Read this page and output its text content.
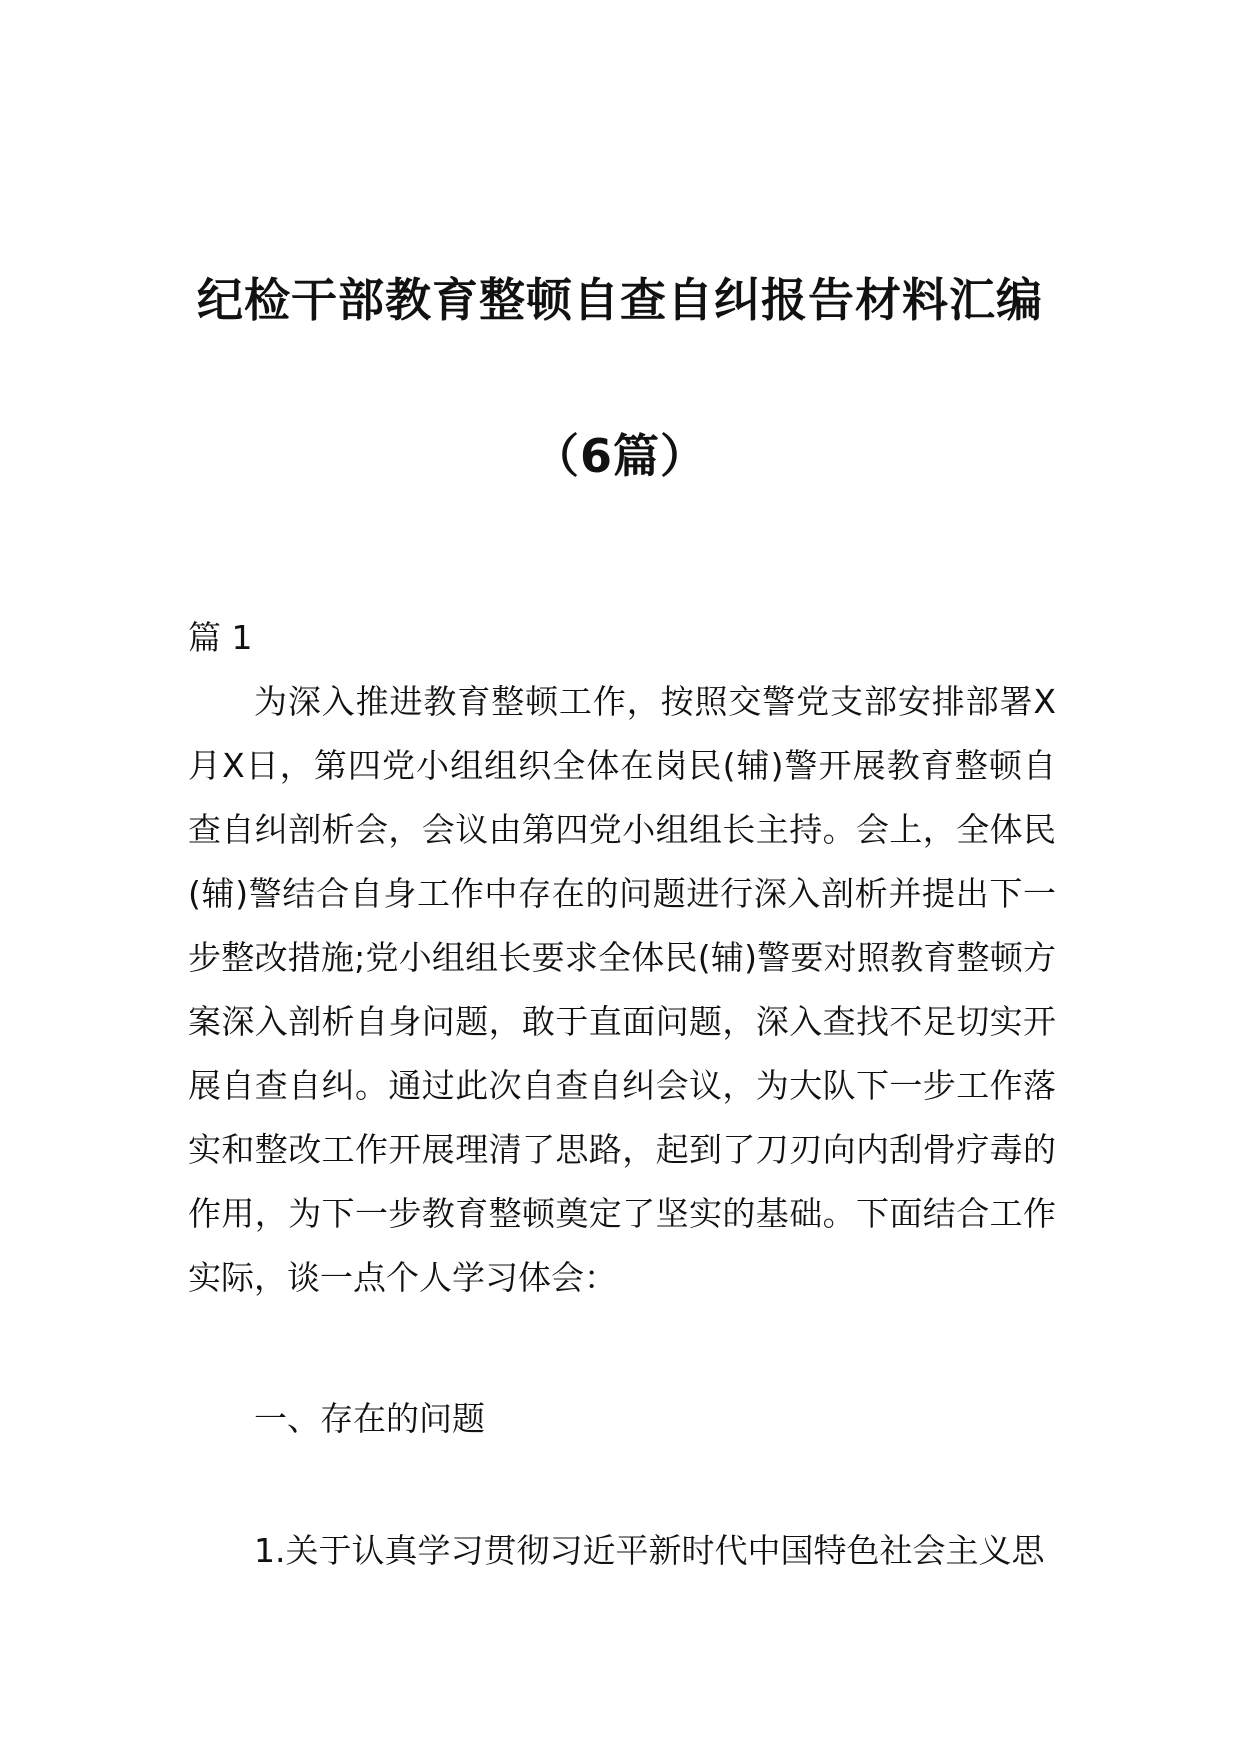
纪检干部教育整顿自查自纠报告材料汇编
（6篇）
篇 1

为深入推进教育整顿工作，按照交警党支部安排部署X月X日，第四党小组组织全体在岗民(辅)警开展教育整顿自查自纠剖析会，会议由第四党小组组长主持。会上，全体民(辅)警结合自身工作中存在的问题进行深入剖析并提出下一步整改措施;党小组组长要求全体民(辅)警要对照教育整顿方案深入剖析自身问题，敢于直面问题，深入查找不足切实开展自查自纠。通过此次自查自纠会议，为大队下一步工作落实和整改工作开展理清了思路，起到了刀刃向内刮骨疗毒的作用，为下一步教育整顿奠定了坚实的基础。下面结合工作实际，谈一点个人学习体会：

一、存在的问题

1.关于认真学习贯彻习近平新时代中国特色社会主义思
